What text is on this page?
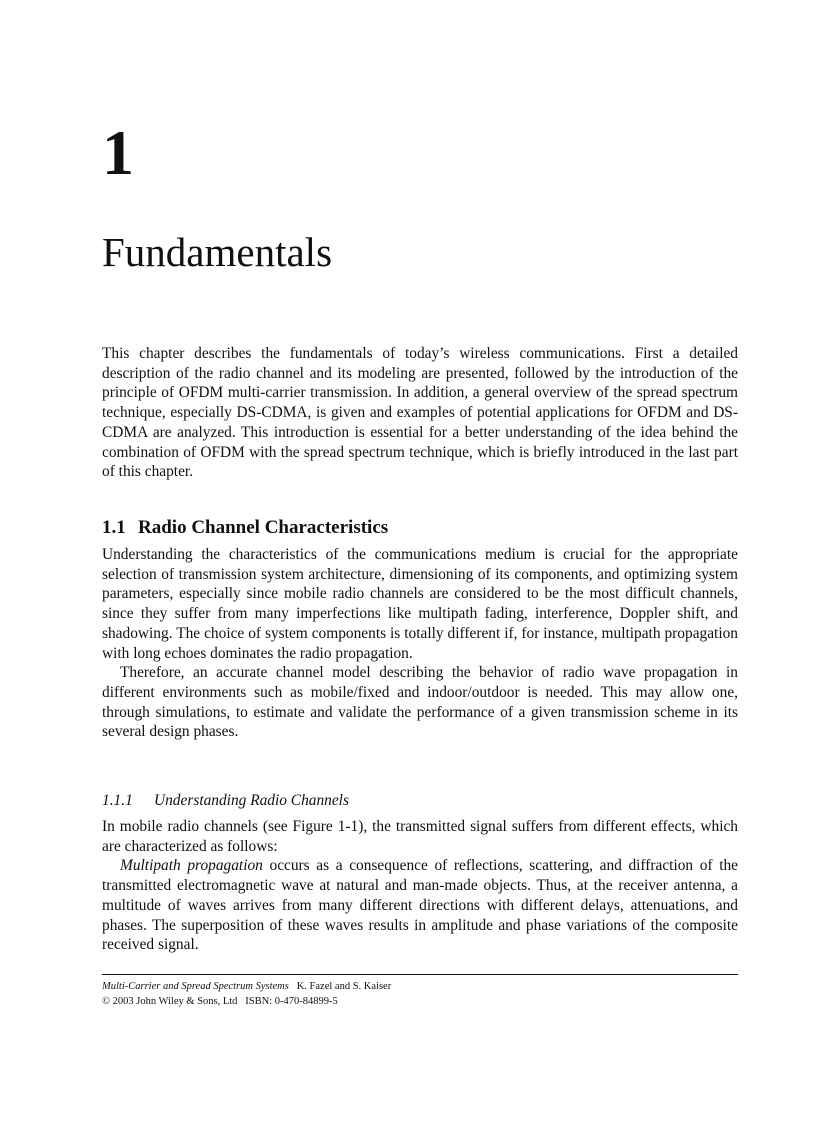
1
Fundamentals

This chapter describes the fundamentals of today’s wireless communications. First a detailed description of the radio channel and its modeling are presented, followed by the introduction of the principle of OFDM multi-carrier transmission. In addition, a general overview of the spread spectrum technique, especially DS-CDMA, is given and examples of potential applications for OFDM and DS-CDMA are analyzed. This introduction is essential for a better understanding of the idea behind the combination of OFDM with the spread spectrum technique, which is briefly introduced in the last part of this chapter.

1.1 Radio Channel Characteristics

Understanding the characteristics of the communications medium is crucial for the appropriate selection of transmission system architecture, dimensioning of its components, and optimizing system parameters, especially since mobile radio channels are considered to be the most difficult channels, since they suffer from many imperfections like multipath fading, interference, Doppler shift, and shadowing. The choice of system components is totally different if, for instance, multipath propagation with long echoes dominates the radio propagation.

Therefore, an accurate channel model describing the behavior of radio wave propagation in different environments such as mobile/fixed and indoor/outdoor is needed. This may allow one, through simulations, to estimate and validate the performance of a given transmission scheme in its several design phases.

1.1.1 Understanding Radio Channels

In mobile radio channels (see Figure 1-1), the transmitted signal suffers from different effects, which are characterized as follows:

Multipath propagation occurs as a consequence of reflections, scattering, and diffraction of the transmitted electromagnetic wave at natural and man-made objects. Thus, at the receiver antenna, a multitude of waves arrives from many different directions with different delays, attenuations, and phases. The superposition of these waves results in amplitude and phase variations of the composite received signal.

Multi-Carrier and Spread Spectrum Systems K. Fazel and S. Kaiser
© 2003 John Wiley & Sons, Ltd ISBN: 0-470-84899-5
